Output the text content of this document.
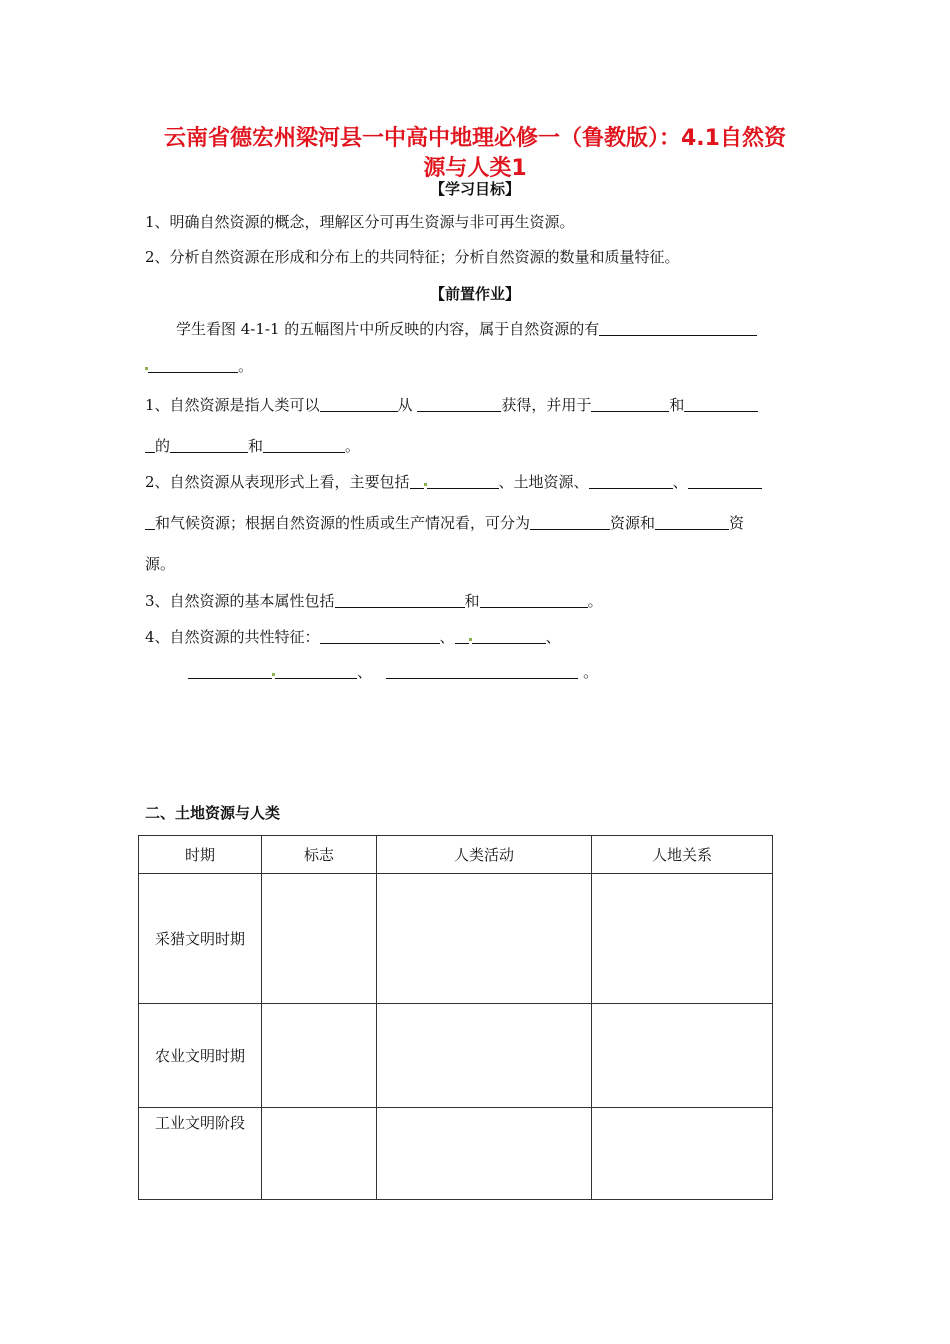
云南省德宏州梁河县一中高中地理必修一（鲁教版）：4.1自然资
源与人类1
【学习目标】
1、明确自然资源的概念，理解区分可再生资源与非可再生资源。
2、分析自然资源在形成和分布上的共同特征；分析自然资源的数量和质量特征。
【前置作业】
学生看图 4-1-1 的五幅图片中所反映的内容，属于自然资源的有
。
1、自然资源是指人类可以	从	获得，并用于	和
的	和	。
2、自然资源从表现形式上看，主要包括	、土地资源、	、
和气候资源；根据自然资源的性质或生产情况看，可分为	资源和	资
源。
3、自然资源的基本属性包括	和	。
4、自然资源的共性特征：	、	、
、	。
二、土地资源与人类
时期	标志	人类活动	人地关系
采猎文明时期			
农业文明时期			
工业文明阶段			
